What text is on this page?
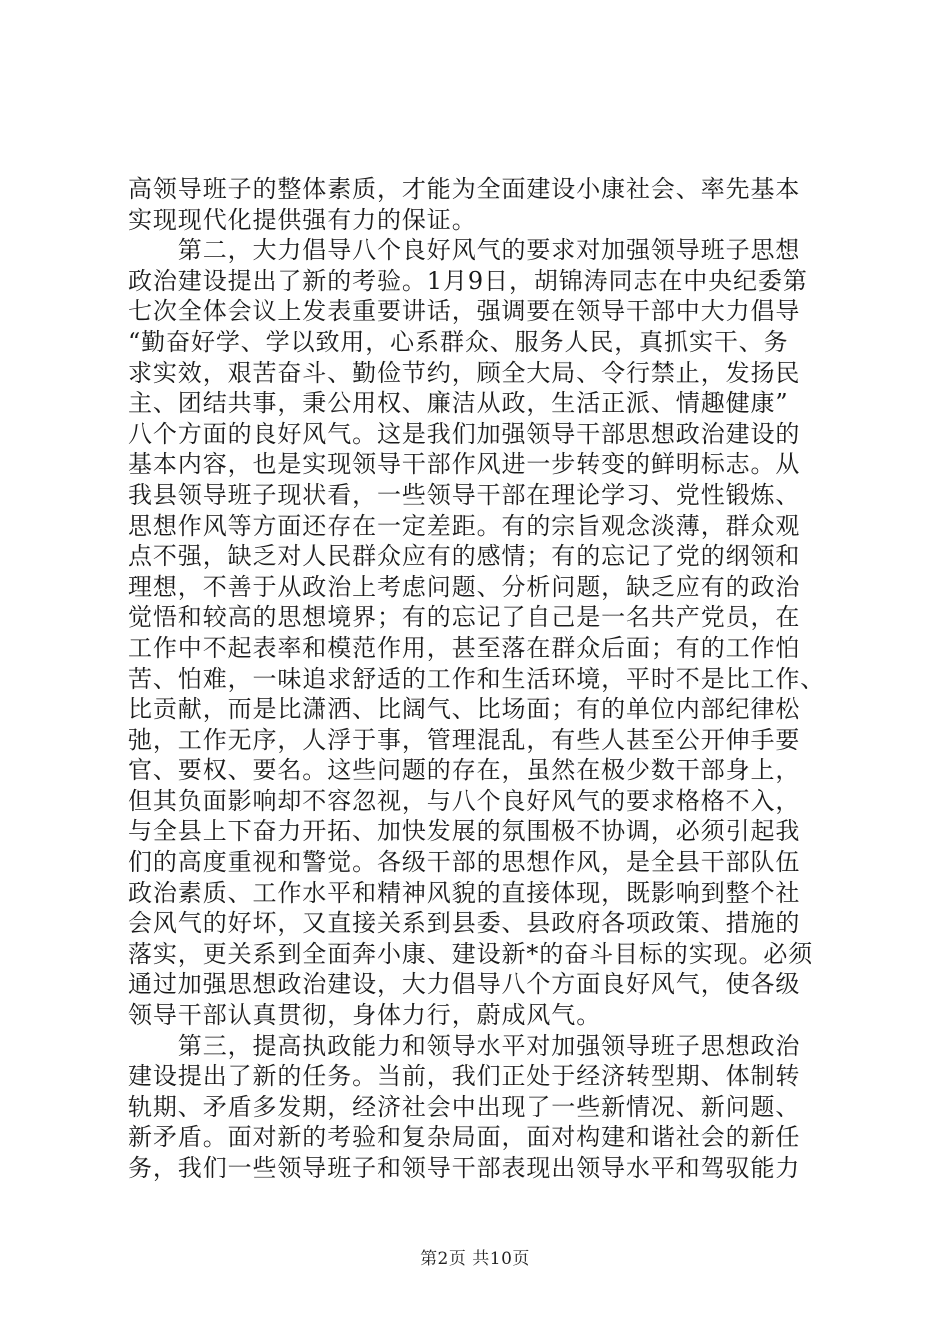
高领导班子的整体素质，才能为全面建设小康社会、率先基本
实现现代化提供强有力的保证。
　　第二，大力倡导八个良好风气的要求对加强领导班子思想
政治建设提出了新的考验。1月9日，胡锦涛同志在中央纪委第
七次全体会议上发表重要讲话，强调要在领导干部中大力倡导
“勤奋好学、学以致用，心系群众、服务人民，真抓实干、务
求实效，艰苦奋斗、勤俭节约，顾全大局、令行禁止，发扬民
主、团结共事，秉公用权、廉洁从政，生活正派、情趣健康”
八个方面的良好风气。这是我们加强领导干部思想政治建设的
基本内容，也是实现领导干部作风进一步转变的鲜明标志。从
我县领导班子现状看，一些领导干部在理论学习、党性锻炼、
思想作风等方面还存在一定差距。有的宗旨观念淡薄，群众观
点不强，缺乏对人民群众应有的感情；有的忘记了党的纲领和
理想，不善于从政治上考虑问题、分析问题，缺乏应有的政治
觉悟和较高的思想境界；有的忘记了自己是一名共产党员，在
工作中不起表率和模范作用，甚至落在群众后面；有的工作怕
苦、怕难，一味追求舒适的工作和生活环境，平时不是比工作、
比贡献，而是比潇洒、比阔气、比场面；有的单位内部纪律松
弛，工作无序，人浮于事，管理混乱，有些人甚至公开伸手要
官、要权、要名。这些问题的存在，虽然在极少数干部身上，
但其负面影响却不容忽视，与八个良好风气的要求格格不入，
与全县上下奋力开拓、加快发展的氛围极不协调，必须引起我
们的高度重视和警觉。各级干部的思想作风，是全县干部队伍
政治素质、工作水平和精神风貌的直接体现，既影响到整个社
会风气的好坏，又直接关系到县委、县政府各项政策、措施的
落实，更关系到全面奔小康、建设新*的奋斗目标的实现。必须
通过加强思想政治建设，大力倡导八个方面良好风气，使各级
领导干部认真贯彻，身体力行，蔚成风气。
　　第三，提高执政能力和领导水平对加强领导班子思想政治
建设提出了新的任务。当前，我们正处于经济转型期、体制转
轨期、矛盾多发期，经济社会中出现了一些新情况、新问题、
新矛盾。面对新的考验和复杂局面，面对构建和谐社会的新任
务，我们一些领导班子和领导干部表现出领导水平和驾驭能力
第2页 共10页
